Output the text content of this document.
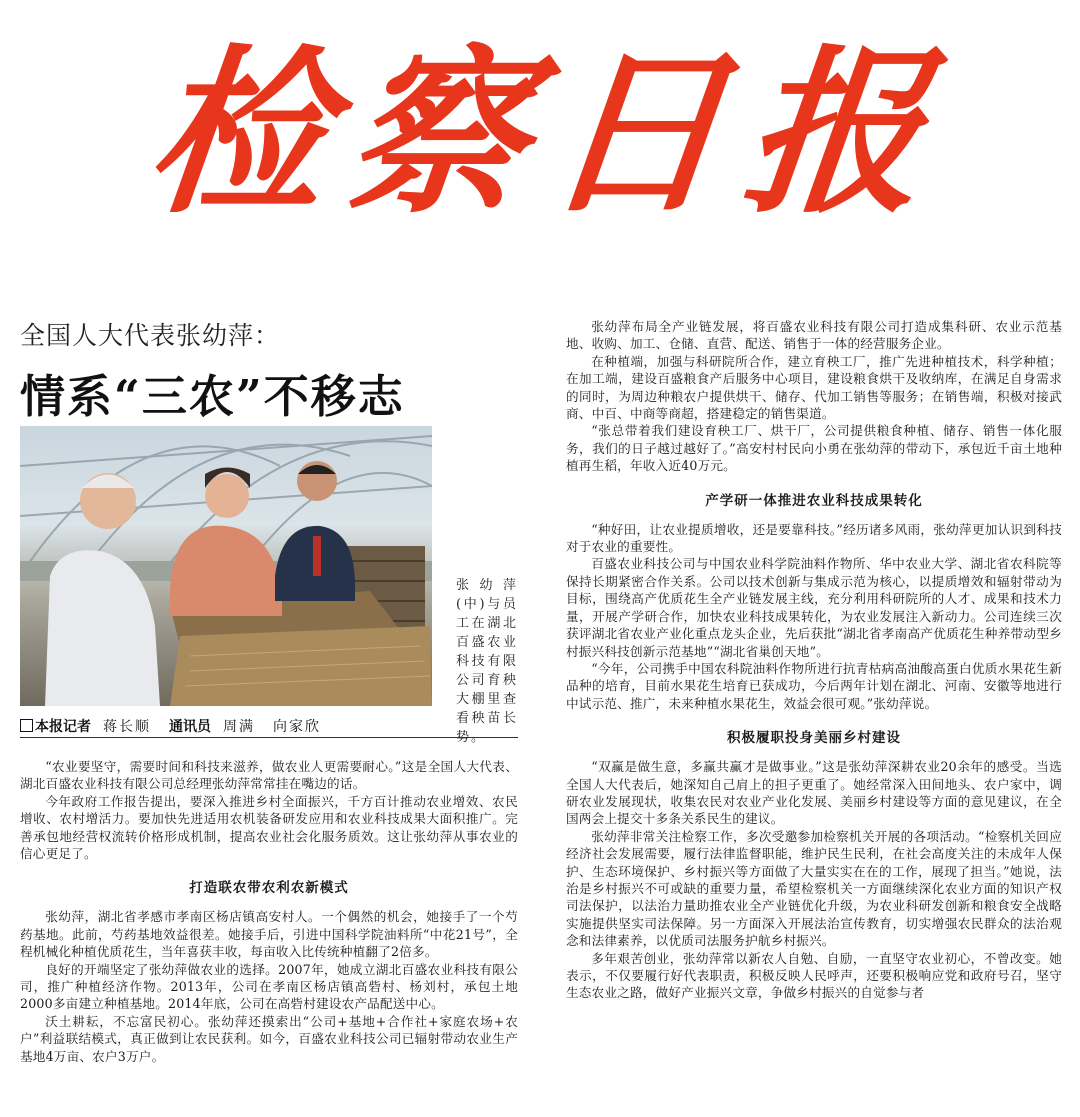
检
察
日
报
全国人大代表张幼萍：
情系“三农”不移志
张幼萍(中)与员工在湖北百盛农业科技有限公司育秧大棚里查看秧苗长势。
本报记者 蒋长顺 通讯员 周满 向家欣

“农业要坚守，需要时间和科技来滋养，做农业人更需要耐心。”这是全国人大代表、湖北百盛农业科技有限公司总经理张幼萍常常挂在嘴边的话。

今年政府工作报告提出，要深入推进乡村全面振兴，千方百计推动农业增效、农民增收、农村增活力。要加快先进适用农机装备研发应用和农业科技成果大面积推广。完善承包地经营权流转价格形成机制，提高农业社会化服务质效。这让张幼萍从事农业的信心更足了。

打造联农带农利农新模式

张幼萍，湖北省孝感市孝南区杨店镇高安村人。一个偶然的机会，她接手了一个芍药基地。此前，芍药基地效益很差。她接手后，引进中国科学院油料所“中花21号”，全程机械化种植优质花生，当年喜获丰收，每亩收入比传统种植翻了2倍多。

良好的开端坚定了张幼萍做农业的选择。2007年，她成立湖北百盛农业科技有限公司，推广种植经济作物。2013年，公司在孝南区杨店镇高砦村、杨刘村，承包土地2000多亩建立种植基地。2014年底，公司在高砦村建设农产品配送中心。

沃土耕耘，不忘富民初心。张幼萍还摸索出“公司+基地+合作社+家庭农场+农户”利益联结模式，真正做到让农民获利。如今，百盛农业科技公司已辐射带动农业生产基地4万亩、农户3万户。

张幼萍布局全产业链发展，将百盛农业科技有限公司打造成集科研、农业示范基地、收购、加工、仓储、直营、配送、销售于一体的经营服务企业。

在种植端，加强与科研院所合作，建立育秧工厂，推广先进种植技术，科学种植；在加工端，建设百盛粮食产后服务中心项目，建设粮食烘干及收纳库，在满足自身需求的同时，为周边种粮农户提供烘干、储存、代加工销售等服务；在销售端，积极对接武商、中百、中商等商超，搭建稳定的销售渠道。

“张总带着我们建设育秧工厂、烘干厂，公司提供粮食种植、储存、销售一体化服务，我们的日子越过越好了。”高安村村民向小勇在张幼萍的带动下，承包近千亩土地种植再生稻，年收入近40万元。

产学研一体推进农业科技成果转化

“种好田，让农业提质增收，还是要靠科技。”经历诸多风雨，张幼萍更加认识到科技对于农业的重要性。

百盛农业科技公司与中国农业科学院油料作物所、华中农业大学、湖北省农科院等保持长期紧密合作关系。公司以技术创新与集成示范为核心，以提质增效和辐射带动为目标，围绕高产优质花生全产业链发展主线，充分利用科研院所的人才、成果和技术力量，开展产学研合作，加快农业科技成果转化，为农业发展注入新动力。公司连续三次获评湖北省农业产业化重点龙头企业，先后获批“湖北省孝南高产优质花生种养带动型乡村振兴科技创新示范基地”“湖北省巢创天地”。

“今年，公司携手中国农科院油料作物所进行抗青枯病高油酸高蛋白优质水果花生新品种的培育，目前水果花生培育已获成功，今后两年计划在湖北、河南、安徽等地进行中试示范、推广，未来种植水果花生，效益会很可观。”张幼萍说。

积极履职投身美丽乡村建设

“双赢是做生意，多赢共赢才是做事业。”这是张幼萍深耕农业20余年的感受。当选全国人大代表后，她深知自己肩上的担子更重了。她经常深入田间地头、农户家中，调研农业发展现状，收集农民对农业产业化发展、美丽乡村建设等方面的意见建议，在全国两会上提交十多条关系民生的建议。

张幼萍非常关注检察工作，多次受邀参加检察机关开展的各项活动。“检察机关回应经济社会发展需要，履行法律监督职能，维护民生民利，在社会高度关注的未成年人保护、生态环境保护、乡村振兴等方面做了大量实实在在的工作，展现了担当。”她说，法治是乡村振兴不可或缺的重要力量，希望检察机关一方面继续深化农业方面的知识产权司法保护，以法治力量助推农业全产业链优化升级，为农业科研发创新和粮食安全战略实施提供坚实司法保障。另一方面深入开展法治宣传教育，切实增强农民群众的法治观念和法律素养，以优质司法服务护航乡村振兴。

多年艰苦创业，张幼萍常以新农人自勉、自励，一直坚守农业初心，不曾改变。她表示，不仅要履行好代表职责，积极反映人民呼声，还要积极响应党和政府号召，坚守生态农业之路，做好产业振兴文章，争做乡村振兴的自觉参与者
